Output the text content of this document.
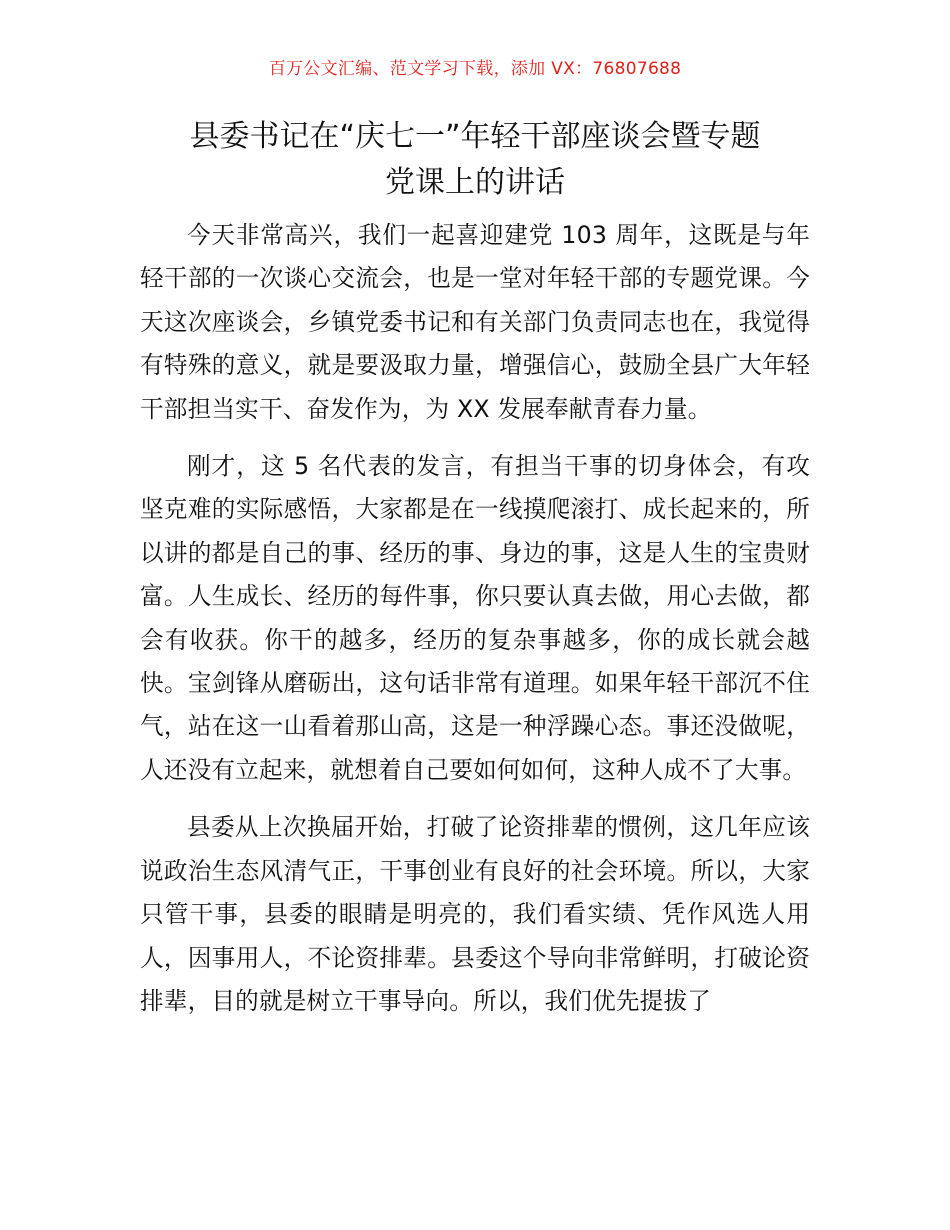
百万公文汇编、范文学习下载，添加 VX：76807688
县委书记在“庆七一”年轻干部座谈会暨专题
党课上的讲话

今天非常高兴，我们一起喜迎建党 103 周年，这既是与年轻干部的一次谈心交流会，也是一堂对年轻干部的专题党课。今天这次座谈会，乡镇党委书记和有关部门负责同志也在，我觉得有特殊的意义，就是要汲取力量，增强信心，鼓励全县广大年轻干部担当实干、奋发作为，为 XX 发展奉献青春力量。

刚才，这 5 名代表的发言，有担当干事的切身体会，有攻坚克难的实际感悟，大家都是在一线摸爬滚打、成长起来的，所以讲的都是自己的事、经历的事、身边的事，这是人生的宝贵财富。人生成长、经历的每件事，你只要认真去做，用心去做，都会有收获。你干的越多，经历的复杂事越多，你的成长就会越快。宝剑锋从磨砺出，这句话非常有道理。如果年轻干部沉不住气，站在这一山看着那山高，这是一种浮躁心态。事还没做呢，人还没有立起来，就想着自己要如何如何，这种人成不了大事。

县委从上次换届开始，打破了论资排辈的惯例，这几年应该说政治生态风清气正，干事创业有良好的社会环境。所以，大家只管干事，县委的眼睛是明亮的，我们看实绩、凭作风选人用人，因事用人，不论资排辈。县委这个导向非常鲜明，打破论资排辈，目的就是树立干事导向。所以，我们优先提拔了
